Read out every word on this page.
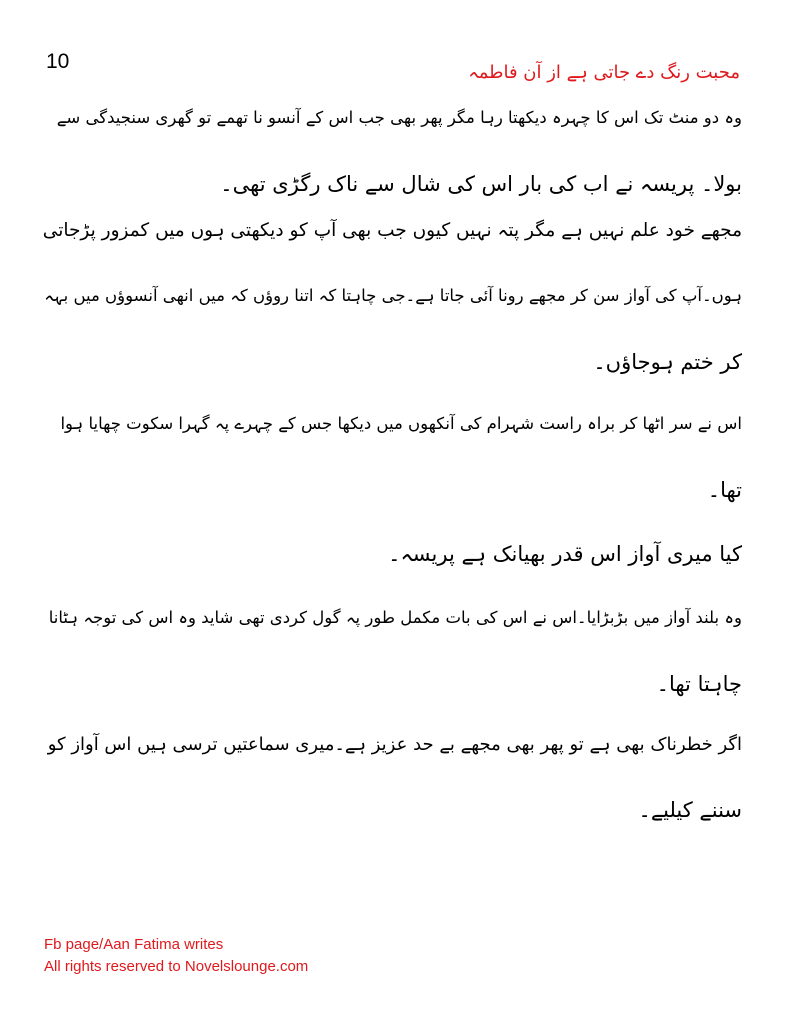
10	محبت رنگ دے جاتی ہے از آن فاطمہ
وہ دو منٹ تک اس کا چہرہ دیکھتا رہا مگر پھر بھی جب اس کے آنسو نا تھمے تو گھری سنجیدگی سے
بولا۔ پریسہ نے اب کی بار اس کی شال سے ناک رگڑی تھی۔
مجھے خود علم نہیں ہے مگر پتہ نہیں کیوں جب بھی آپ کو دیکھتی ہوں میں کمزور پڑجاتی
ہوں۔آپ کی آواز سن کر مجھے رونا آئی جاتا ہے۔جی چاہتا کہ اتنا روؤں کہ میں انھی آنسوؤں میں بہہ
کر ختم ہوجاؤں۔
اس نے سر اٹھا کر براہ راست شہرام کی آنکھوں میں دیکھا جس کے چہرے پہ گہرا سکوت چھایا ہوا
تھا۔
کیا میری آواز اس قدر بھیانک ہے پریسہ۔
وہ بلند آواز میں بڑبڑایا۔اس نے اس کی بات مکمل طور پہ گول کردی تھی شاید وہ اس کی توجہ ہٹانا
چاہتا تھا۔
اگر خطرناک بھی ہے تو پھر بھی مجھے بے حد عزیز ہے۔میری سماعتیں ترسی ہیں اس آواز کو
سننے کیلیے۔
Fb page/Aan Fatima writes
All rights reserved to Novelslounge.com
